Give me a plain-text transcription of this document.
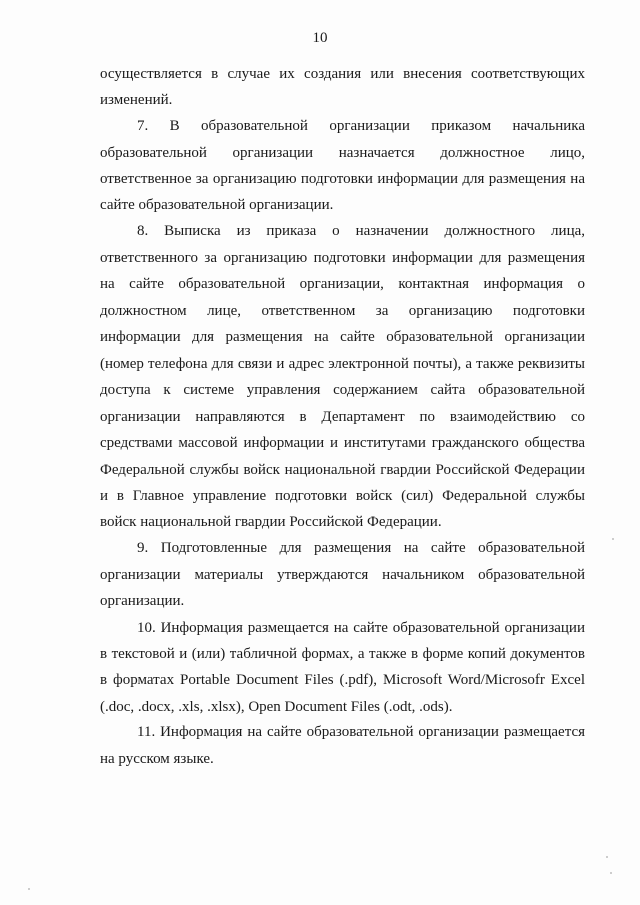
10
осуществляется в случае их создания или внесения соответствующих
изменений.
7. В образовательной организации приказом начальника
образовательной организации назначается должностное лицо,
ответственное за организацию подготовки информации для размещения на
сайте образовательной организации.
8. Выписка из приказа о назначении должностного лица,
ответственного за организацию подготовки информации для размещения
на сайте образовательной организации, контактная информация о
должностном лице, ответственном за организацию подготовки
информации для размещения на сайте образовательной организации
(номер телефона для связи и адрес электронной почты), а также реквизиты
доступа к системе управления содержанием сайта образовательной
организации направляются в Департамент по взаимодействию со
средствами массовой информации и институтами гражданского общества
Федеральной службы войск национальной гвардии Российской Федерации
и в Главное управление подготовки войск (сил) Федеральной службы
войск национальной гвардии Российской Федерации.
9. Подготовленные для размещения на сайте образовательной
организации материалы утверждаются начальником образовательной
организации.
10. Информация размещается на сайте образовательной организации
в текстовой и (или) табличной формах, а также в форме копий документов
в форматах Portable Document Files (.pdf), Microsoft Word/Microsofr Excel
(.doc, .docx, .xls, .xlsx), Open Document Files (.odt, .ods).
11. Информация на сайте образовательной организации размещается
на русском языке.
